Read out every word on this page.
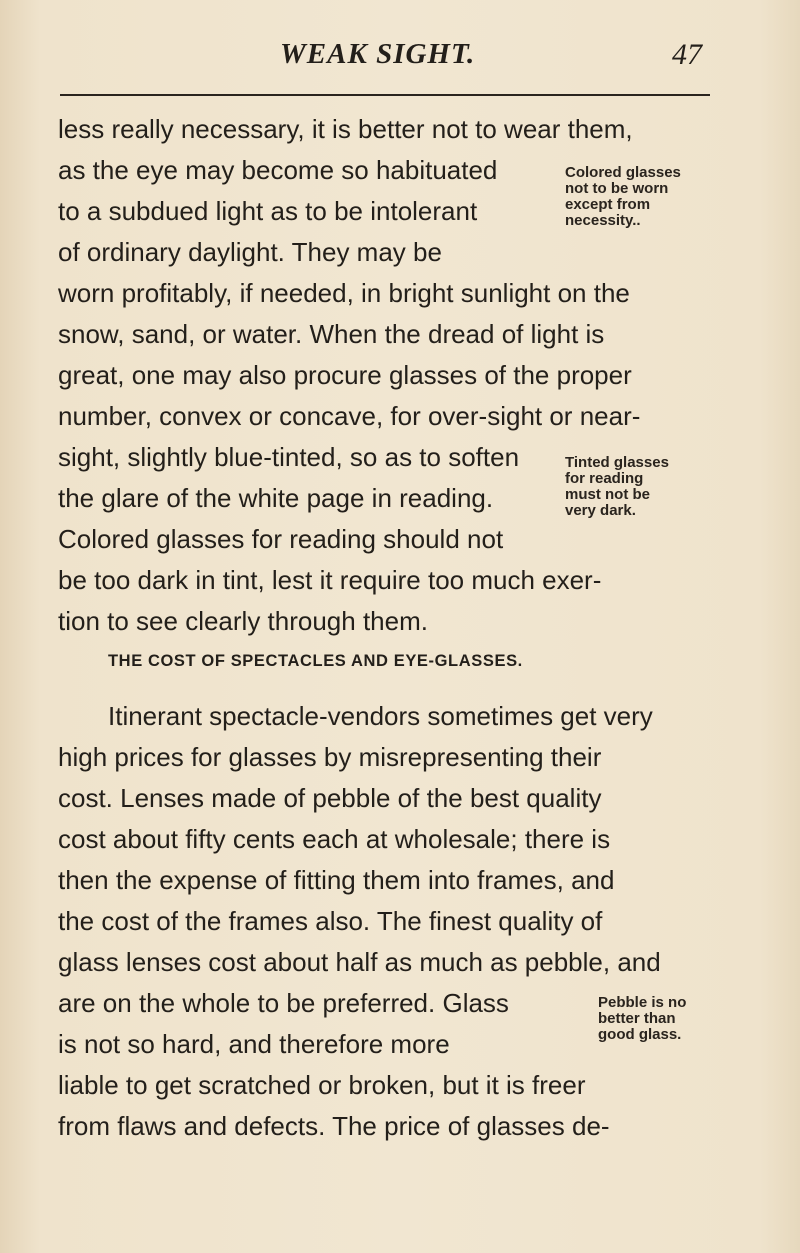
WEAK SIGHT.	47
less really necessary, it is better not to wear them,
as the eye may become so habituated
to a subdued light as to be intolerant
of ordinary daylight. They may be
Colored glasses
not to be worn
except from
necessity..
worn profitably, if needed, in bright sunlight on the
snow, sand, or water. When the dread of light is
great, one may also procure glasses of the proper
number, convex or concave, for over-sight or near-
sight, slightly blue-tinted, so as to soften
the glare of the white page in reading.
Colored glasses for reading should not
Tinted glasses
for reading
must not be
very dark.
be too dark in tint, lest it require too much exer-
tion to see clearly through them.
THE COST OF SPECTACLES AND EYE-GLASSES.
Itinerant spectacle-vendors sometimes get very
high prices for glasses by misrepresenting their
cost. Lenses made of pebble of the best quality
cost about fifty cents each at wholesale; there is
then the expense of fitting them into frames, and
the cost of the frames also. The finest quality of
glass lenses cost about half as much as pebble, and
are on the whole to be preferred. Glass
is not so hard, and therefore more
Pebble is no
better than
good glass.
liable to get scratched or broken, but it is freer
from flaws and defects. The price of glasses de-
